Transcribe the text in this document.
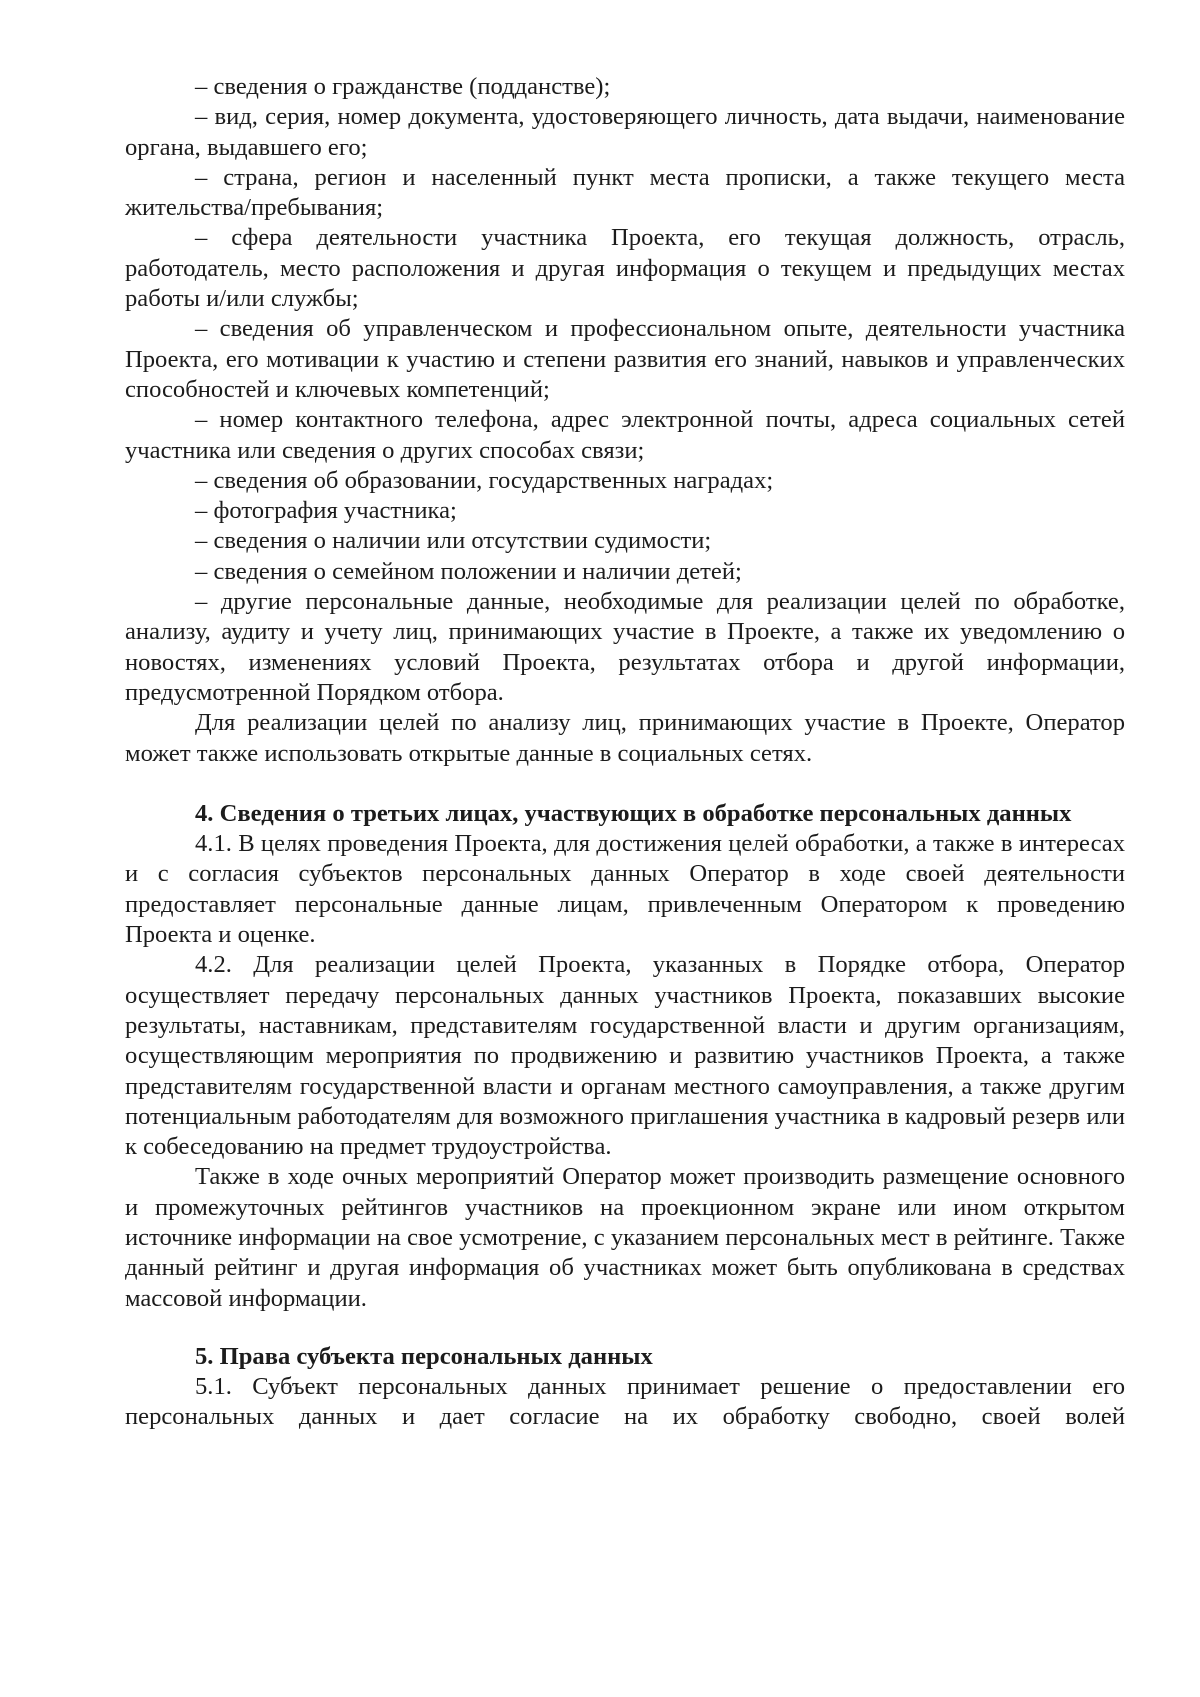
– сведения о гражданстве (подданстве);

– вид, серия, номер документа, удостоверяющего личность, дата выдачи, наименование органа, выдавшего его;

– страна, регион и населенный пункт места прописки, а также текущего места жительства/пребывания;

– сфера деятельности участника Проекта, его текущая должность, отрасль, работодатель, место расположения и другая информация о текущем и предыдущих местах работы и/или службы;

– сведения об управленческом и профессиональном опыте, деятельности участника Проекта, его мотивации к участию и степени развития его знаний, навыков и управленческих способностей и ключевых компетенций;

– номер контактного телефона, адрес электронной почты, адреса социальных сетей участника или сведения о других способах связи;

– сведения об образовании, государственных наградах;

– фотография участника;

– сведения о наличии или отсутствии судимости;

– сведения о семейном положении и наличии детей;

– другие персональные данные, необходимые для реализации целей по обработке, анализу, аудиту и учету лиц, принимающих участие в Проекте, а также их уведомлению о новостях, изменениях условий Проекта, результатах отбора и другой информации, предусмотренной Порядком отбора.

Для реализации целей по анализу лиц, принимающих участие в Проекте, Оператор может также использовать открытые данные в социальных сетях.

4. Сведения о третьих лицах, участвующих в обработке персональных данных

4.1. В целях проведения Проекта, для достижения целей обработки, а также в интересах и с согласия субъектов персональных данных Оператор в ходе своей деятельности предоставляет персональные данные лицам, привлеченным Оператором к проведению Проекта и оценке.

4.2. Для реализации целей Проекта, указанных в Порядке отбора, Оператор осуществляет передачу персональных данных участников Проекта, показавших высокие результаты, наставникам, представителям государственной власти и другим организациям, осуществляющим мероприятия по продвижению и развитию участников Проекта, а также представителям государственной власти и органам местного самоуправления, а также другим потенциальным работодателям для возможного приглашения участника в кадровый резерв или к собеседованию на предмет трудоустройства.

Также в ходе очных мероприятий Оператор может производить размещение основного и промежуточных рейтингов участников на проекционном экране или ином открытом источнике информации на свое усмотрение, с указанием персональных мест в рейтинге. Также данный рейтинг и другая информация об участниках может быть опубликована в средствах массовой информации.

5. Права субъекта персональных данных

5.1. Субъект персональных данных принимает решение о предоставлении его персональных данных и дает согласие на их обработку свободно, своей волей
